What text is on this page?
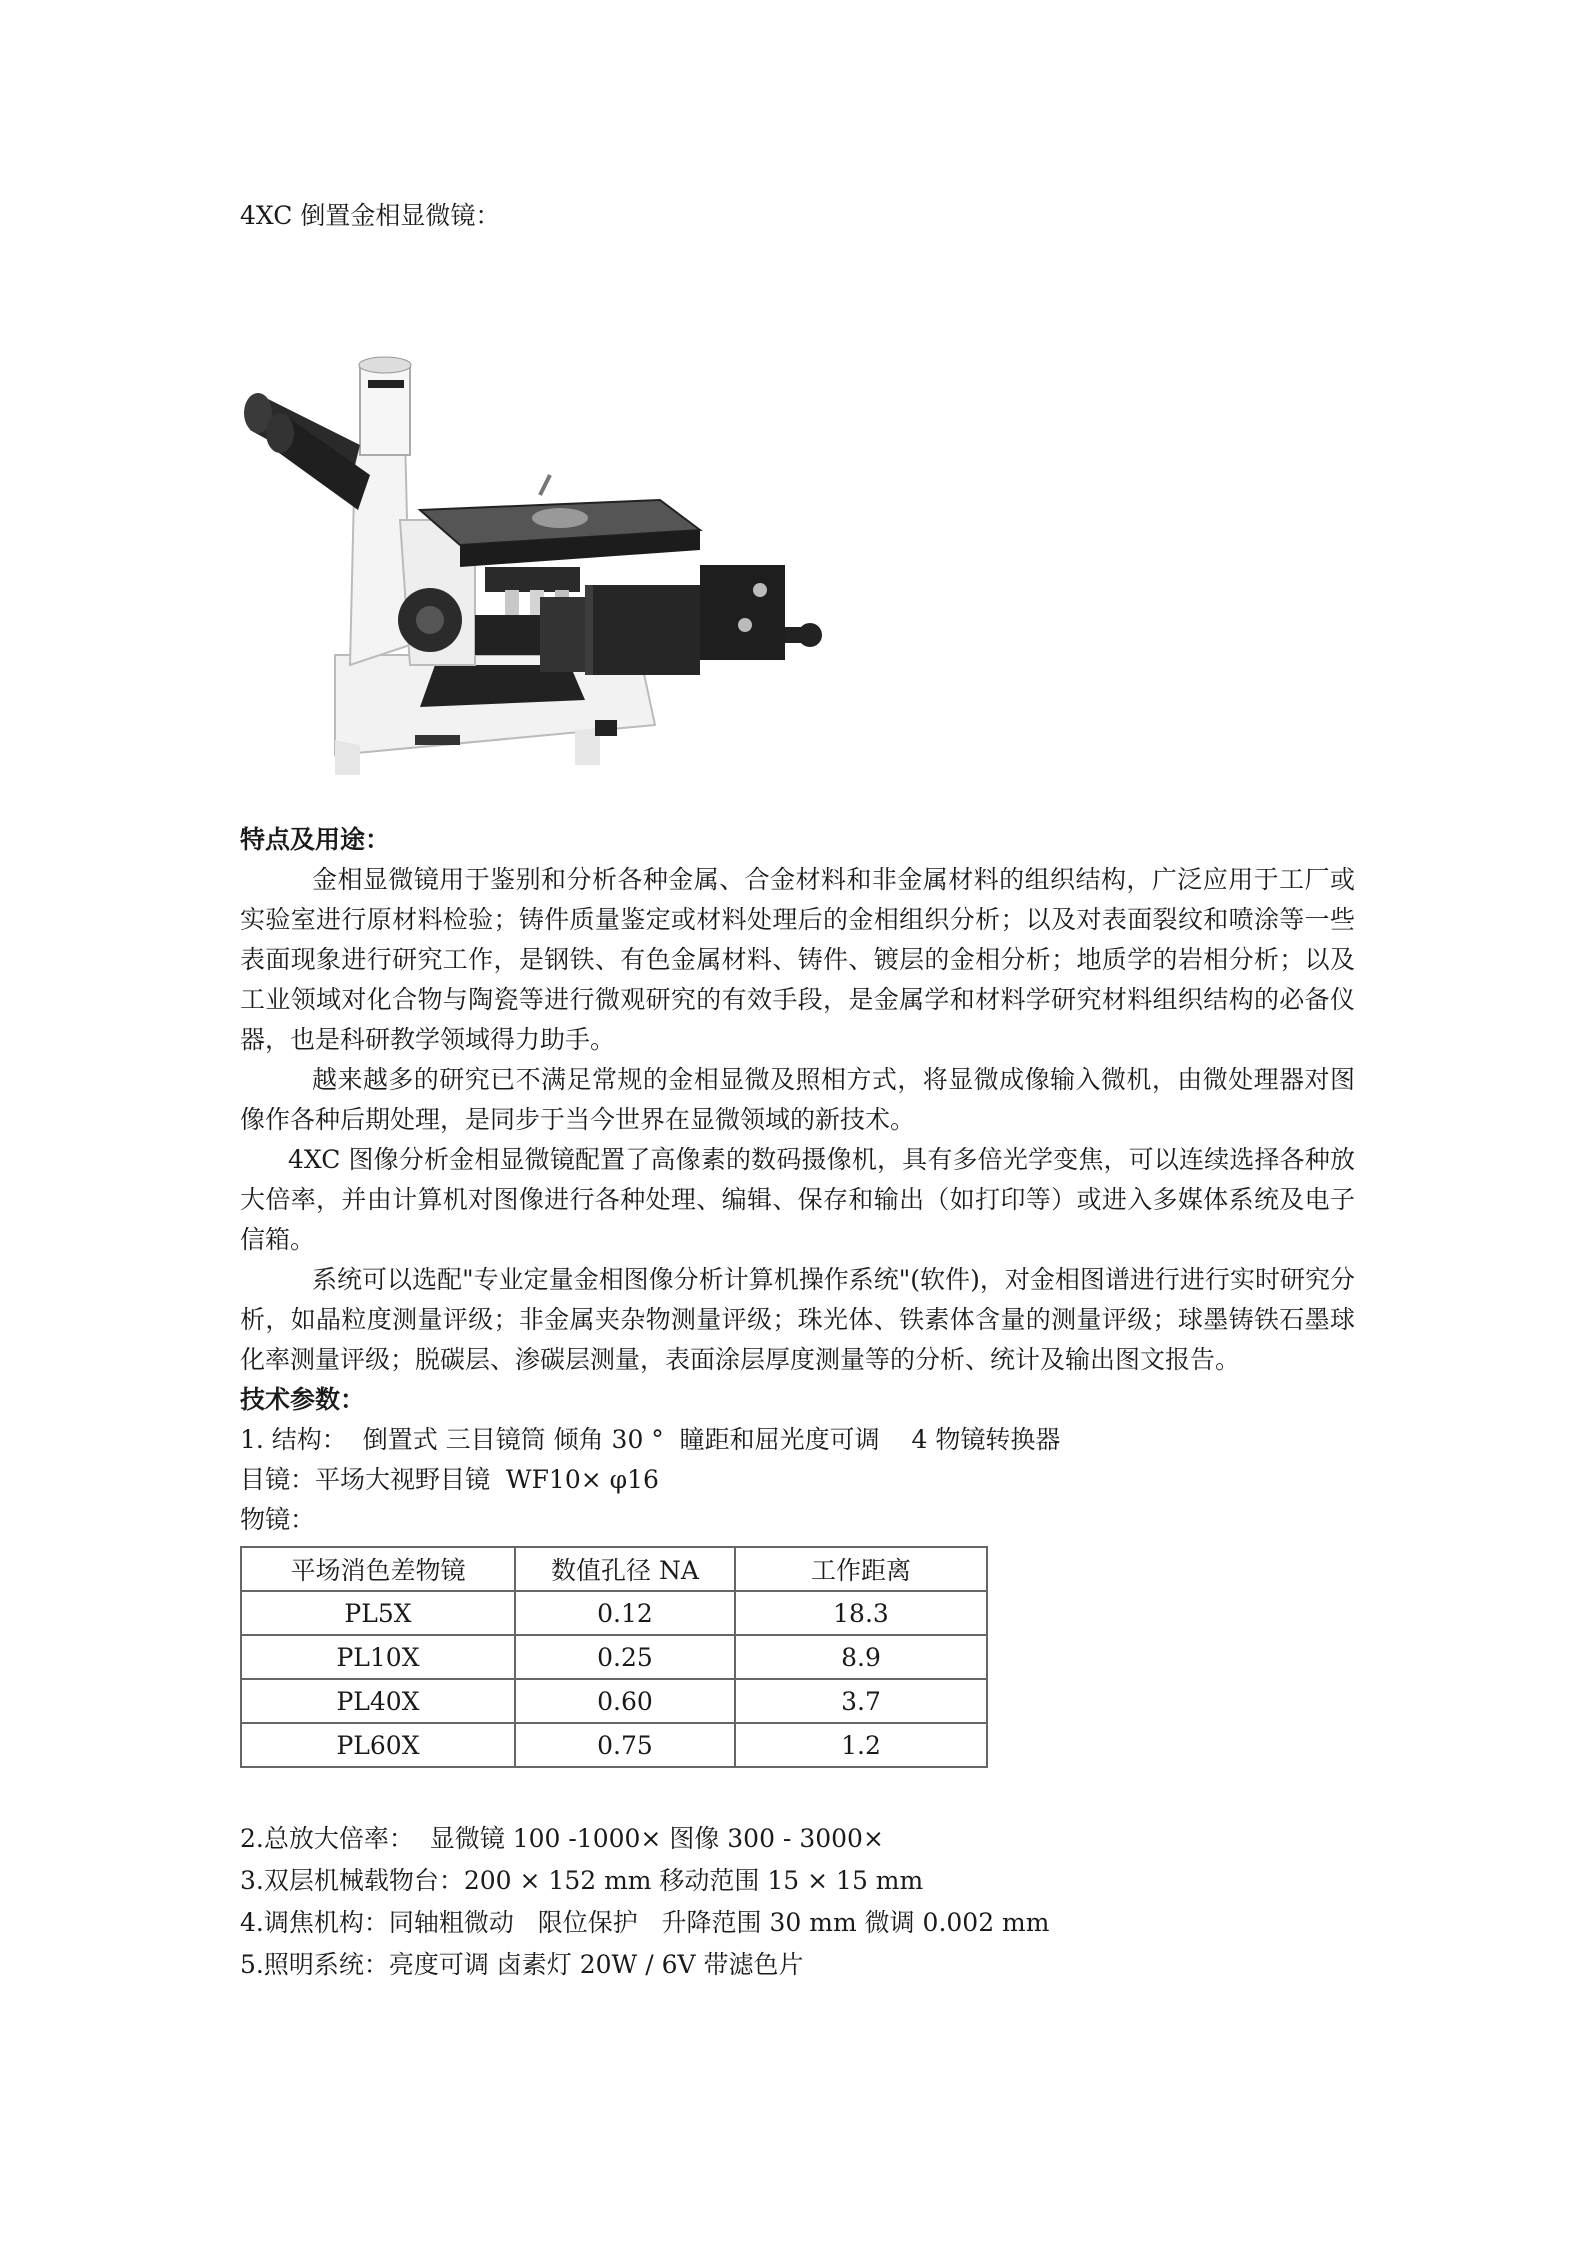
4XC 倒置金相显微镜：
特点及用途：

金相显微镜用于鉴别和分析各种金属、合金材料和非金属材料的组织结构，广泛应用于工厂或实验室进行原材料检验；铸件质量鉴定或材料处理后的金相组织分析；以及对表面裂纹和喷涂等一些表面现象进行研究工作，是钢铁、有色金属材料、铸件、镀层的金相分析；地质学的岩相分析；以及工业领域对化合物与陶瓷等进行微观研究的有效手段，是金属学和材料学研究材料组织结构的必备仪器，也是科研教学领域得力助手。

越来越多的研究已不满足常规的金相显微及照相方式，将显微成像输入微机，由微处理器对图像作各种后期处理，是同步于当今世界在显微领域的新技术。

4XC 图像分析金相显微镜配置了高像素的数码摄像机，具有多倍光学变焦，可以连续选择各种放大倍率，并由计算机对图像进行各种处理、编辑、保存和输出（如打印等）或进入多媒体系统及电子信箱。

系统可以选配"专业定量金相图像分析计算机操作系统"(软件)，对金相图谱进行进行实时研究分析，如晶粒度测量评级；非金属夹杂物测量评级；珠光体、铁素体含量的测量评级；球墨铸铁石墨球化率测量评级；脱碳层、渗碳层测量，表面涂层厚度测量等的分析、统计及输出图文报告。

技术参数：
1. 结构：  倒置式 三目镜筒 倾角 30 °  瞳距和屈光度可调    4 物镜转换器
目镜：平场大视野目镜  WF10× φ16
物镜：
平场消色差物镜	数值孔径 NA	工作距离
PL5X	0.12	18.3
PL10X	0.25	8.9
PL40X	0.60	3.7
PL60X	0.75	1.2
2.总放大倍率：  显微镜 100 -1000× 图像 300 - 3000×
3.双层机械载物台：200 × 152 mm 移动范围 15 × 15 mm
4.调焦机构：同轴粗微动   限位保护   升降范围 30 mm 微调 0.002 mm
5.照明系统：亮度可调 卤素灯 20W / 6V 带滤色片
